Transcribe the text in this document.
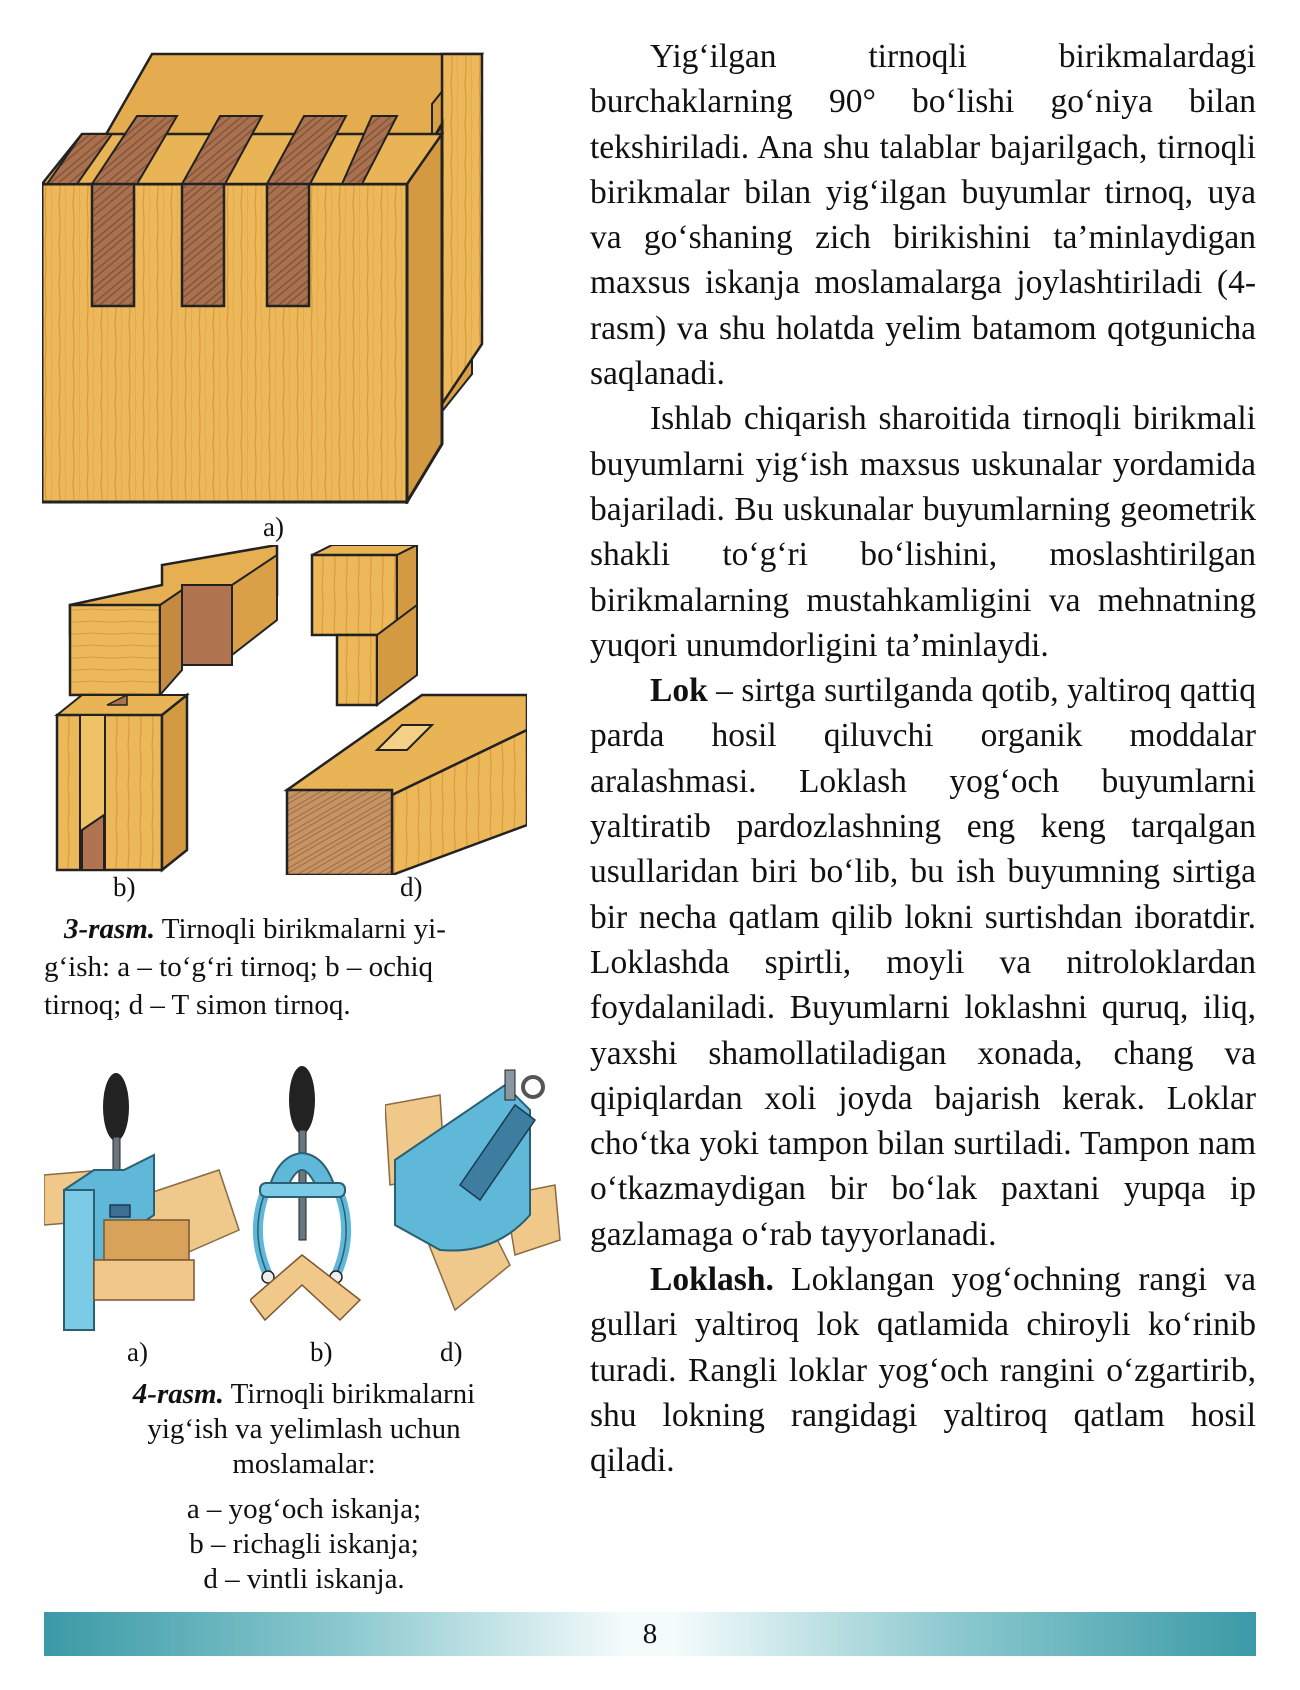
a)
b)	d)
3-rasm. Tirnoqli birikmalarni yi-
g‘ish: a – to‘g‘ri tirnoq; b – ochiq
tirnoq; d – T simon tirnoq.
a)	b)	d)
4-rasm. Tirnoqli birikmalarni
yig‘ish va yelimlash uchun
moslamalar:
a – yog‘och iskanja;
b – richagli iskanja;
d – vintli iskanja.

Yig‘ilgan tirnoqli birikmalardagi burchaklarning 90° bo‘lishi go‘niya bilan tekshiriladi. Ana shu talablar bajarilgach, tirnoqli birikmalar bilan yig‘ilgan buyumlar tirnoq, uya va go‘shaning zich birikishini ta’minlaydigan maxsus iskanja moslamalarga joylashtiriladi (4-rasm) va shu holatda yelim batamom qotgunicha saqlanadi.

Ishlab chiqarish sharoitida tirnoqli birikmali buyumlarni yig‘ish maxsus uskunalar yordamida bajariladi. Bu uskunalar buyumlarning geometrik shakli to‘g‘ri bo‘lishini, moslashtirilgan birikmalarning mustahkamligini va mehnatning yuqori unumdorligini ta’minlaydi.

Lok – sirtga surtilganda qotib, yaltiroq qattiq parda hosil qiluvchi organik moddalar aralashmasi. Loklash yog‘och buyumlarni yaltiratib pardozlashning eng keng tarqalgan usullaridan biri bo‘lib, bu ish buyumning sirtiga bir necha qatlam qilib lokni surtishdan iboratdir. Loklashda spirtli, moyli va nitroloklardan foydalaniladi. Buyumlarni loklashni quruq, iliq, yaxshi shamollatiladigan xonada, chang va qipiqlardan xoli joyda bajarish kerak. Loklar cho‘tka yoki tampon bilan surtiladi. Tampon nam o‘tkazmaydigan bir bo‘lak paxtani yupqa ip gazlamaga o‘rab tayyorlanadi.

Loklash. Loklangan yog‘ochning rangi va gullari yaltiroq lok qatlamida chiroyli ko‘rinib turadi. Rangli loklar yog‘och rangini o‘zgartirib, shu lokning rangidagi yaltiroq qatlam hosil qiladi.

8
